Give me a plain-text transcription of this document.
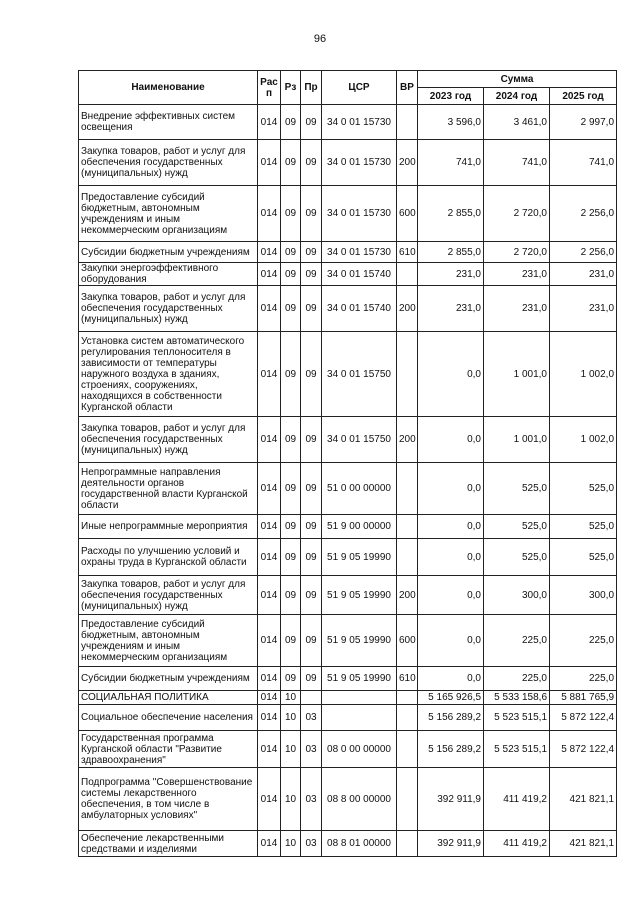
96
Наименование	Рас п	Рз	Пр	ЦСР	ВР	Сумма		
						2023 год	2024 год	2025 год
Внедрение эффективных систем освещения	014	09	09	34 0 01 15730		3 596,0	3 461,0	2 997,0
Закупка товаров, работ и услуг для обеспечения государственных (муниципальных) нужд	014	09	09	34 0 01 15730	200	741,0	741,0	741,0
Предоставление субсидий бюджетным, автономным учреждениям и иным некоммерческим организациям	014	09	09	34 0 01 15730	600	2 855,0	2 720,0	2 256,0
Субсидии бюджетным учреждениям	014	09	09	34 0 01 15730	610	2 855,0	2 720,0	2 256,0
Закупки энергоэффективного оборудования	014	09	09	34 0 01 15740		231,0	231,0	231,0
Закупка товаров, работ и услуг для обеспечения государственных (муниципальных) нужд	014	09	09	34 0 01 15740	200	231,0	231,0	231,0
Установка систем автоматического регулирования теплоносителя в зависимости от температуры наружного воздуха в зданиях, строениях, сооружениях, находящихся в собственности Курганской области	014	09	09	34 0 01 15750		0,0	1 001,0	1 002,0
Закупка товаров, работ и услуг для обеспечения государственных (муниципальных) нужд	014	09	09	34 0 01 15750	200	0,0	1 001,0	1 002,0
Непрограммные направления деятельности органов государственной власти Курганской области	014	09	09	51 0 00 00000		0,0	525,0	525,0
Иные непрограммные мероприятия	014	09	09	51 9 00 00000		0,0	525,0	525,0
Расходы по улучшению условий и охраны труда в Курганской области	014	09	09	51 9 05 19990		0,0	525,0	525,0
Закупка товаров, работ и услуг для обеспечения государственных (муниципальных) нужд	014	09	09	51 9 05 19990	200	0,0	300,0	300,0
Предоставление субсидий бюджетным, автономным учреждениям и иным некоммерческим организациям	014	09	09	51 9 05 19990	600	0,0	225,0	225,0
Субсидии бюджетным учреждениям	014	09	09	51 9 05 19990	610	0,0	225,0	225,0
СОЦИАЛЬНАЯ ПОЛИТИКА	014	10				5 165 926,5	5 533 158,6	5 881 765,9
Социальное обеспечение населения	014	10	03			5 156 289,2	5 523 515,1	5 872 122,4
Государственная программа Курганской области "Развитие здравоохранения"	014	10	03	08 0 00 00000		5 156 289,2	5 523 515,1	5 872 122,4
Подпрограмма "Совершенствование системы лекарственного обеспечения, в том числе в амбулаторных условиях"	014	10	03	08 8 00 00000		392 911,9	411 419,2	421 821,1
Обеспечение лекарственными средствами и изделиями	014	10	03	08 8 01 00000		392 911,9	411 419,2	421 821,1
